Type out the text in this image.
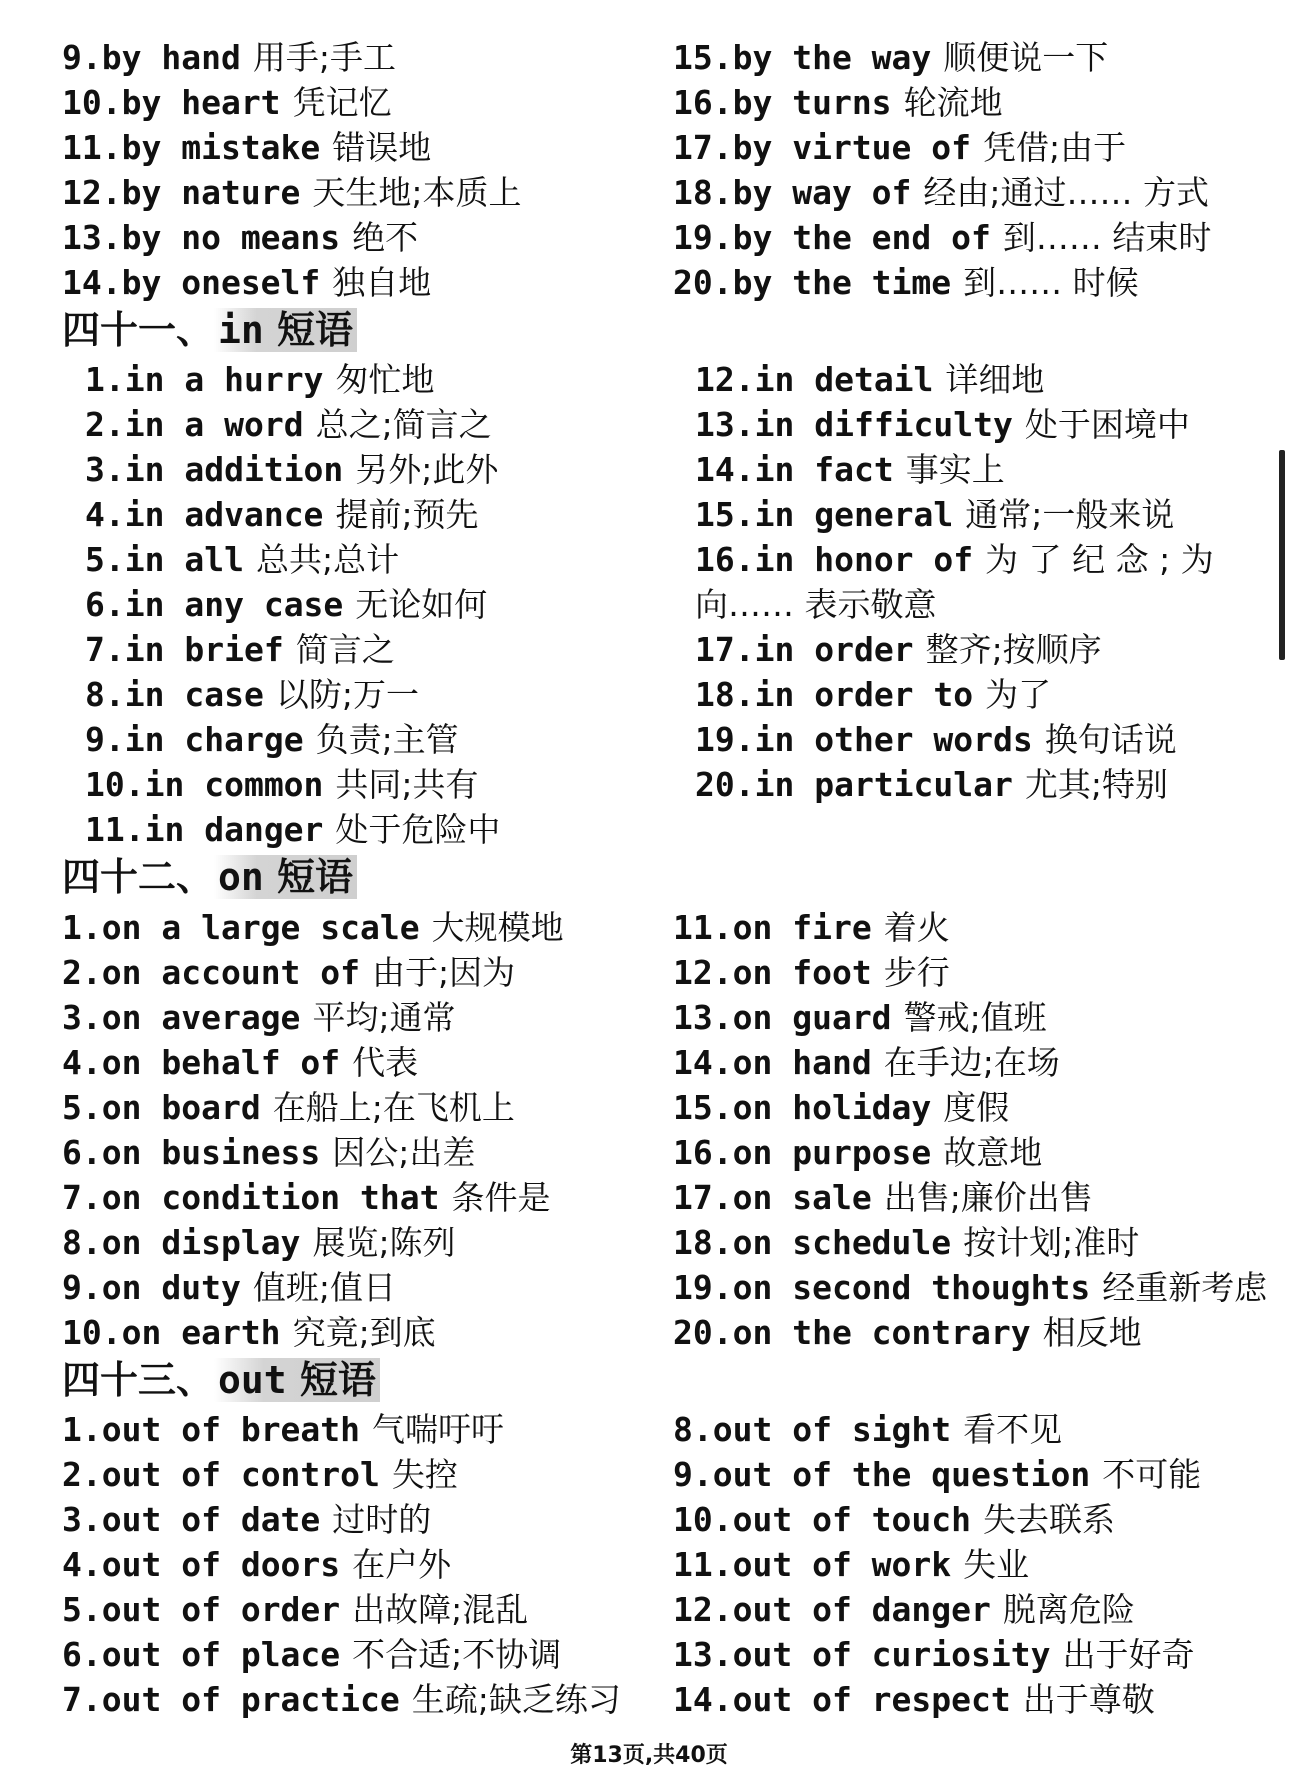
9.by hand 用手;手工	15.by the way 顺便说一下
10.by heart 凭记忆	16.by turns 轮流地
11.by mistake 错误地	17.by virtue of 凭借;由于
12.by nature 天生地;本质上	18.by way of 经由;通过…… 方式
13.by no means 绝不	19.by the end of 到…… 结束时
14.by oneself 独自地	20.by the time 到…… 时候
四十一、 in 短语
1.in a hurry 匆忙地	12.in detail 详细地
2.in a word 总之;简言之	13.in difficulty 处于困境中
3.in addition 另外;此外	14.in fact 事实上
4.in advance 提前;预先	15.in general 通常;一般来说
5.in all 总共;总计	16.in honor of 为 了 纪 念 ; 为
6.in any case 无论如何	向…… 表示敬意
7.in brief 简言之	17.in order 整齐;按顺序
8.in case 以防;万一	18.in order to 为了
9.in charge 负责;主管	19.in other words 换句话说
10.in common 共同;共有	20.in particular 尤其;特别
11.in danger 处于危险中
四十二、 on 短语
1.on a large scale 大规模地	11.on fire 着火
2.on account of 由于;因为	12.on foot 步行
3.on average 平均;通常	13.on guard 警戒;值班
4.on behalf of 代表	14.on hand 在手边;在场
5.on board 在船上;在飞机上	15.on holiday 度假
6.on business 因公;出差	16.on purpose 故意地
7.on condition that 条件是	17.on sale 出售;廉价出售
8.on display 展览;陈列	18.on schedule 按计划;准时
9.on duty 值班;值日	19.on second thoughts 经重新考虑
10.on earth 究竟;到底	20.on the contrary 相反地
四十三、 out 短语
1.out of breath 气喘吁吁	8.out of sight 看不见
2.out of control 失控	9.out of the question 不可能
3.out of date 过时的	10.out of touch 失去联系
4.out of doors 在户外	11.out of work 失业
5.out of order 出故障;混乱	12.out of danger 脱离危险
6.out of place 不合适;不协调	13.out of curiosity 出于好奇
7.out of practice 生疏;缺乏练习 14.out of respect 出于尊敬
第13页,共40页
